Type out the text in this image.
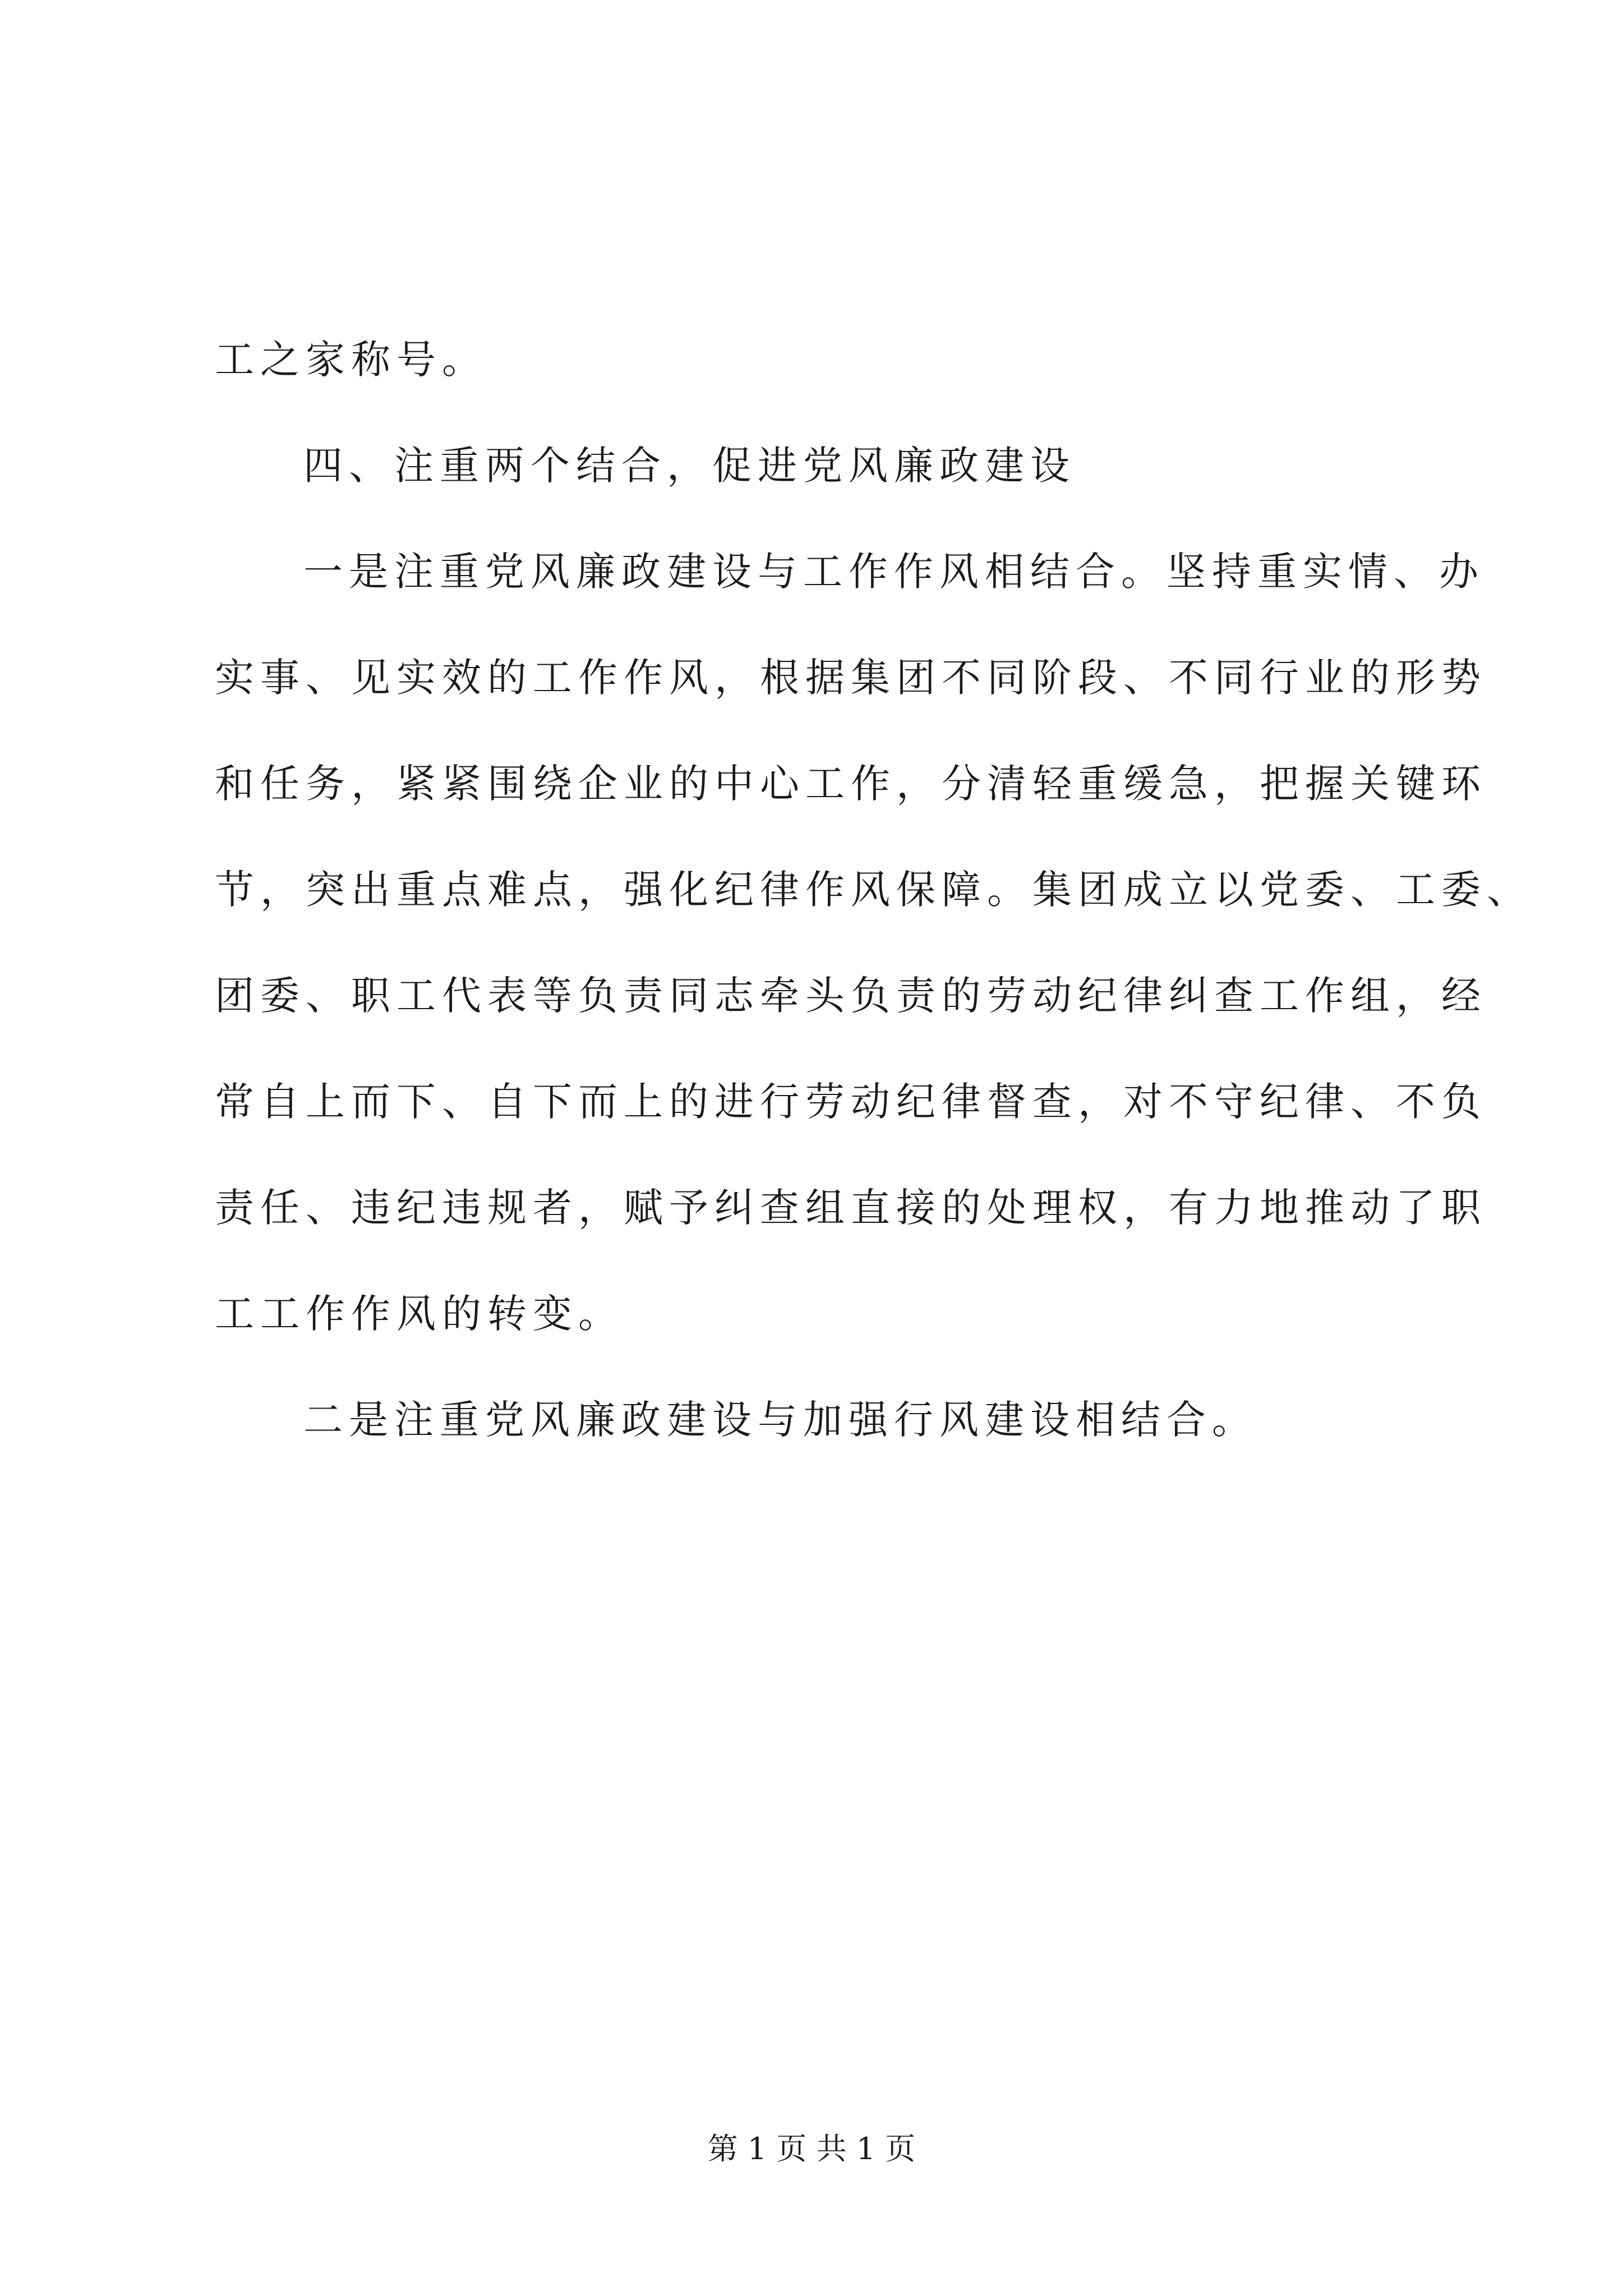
工之家称号。
四、注重两个结合，促进党风廉政建设
一是注重党风廉政建设与工作作风相结合。坚持重实情、办
实事、见实效的工作作风，根据集团不同阶段、不同行业的形势
和任务，紧紧围绕企业的中心工作，分清轻重缓急，把握关键环
节，突出重点难点，强化纪律作风保障。集团成立以党委、工委、
团委、职工代表等负责同志牵头负责的劳动纪律纠查工作组，经
常自上而下、自下而上的进行劳动纪律督查，对不守纪律、不负
责任、违纪违规者，赋予纠查组直接的处理权，有力地推动了职
工工作作风的转变。
二是注重党风廉政建设与加强行风建设相结合。
第 1 页 共 1 页
